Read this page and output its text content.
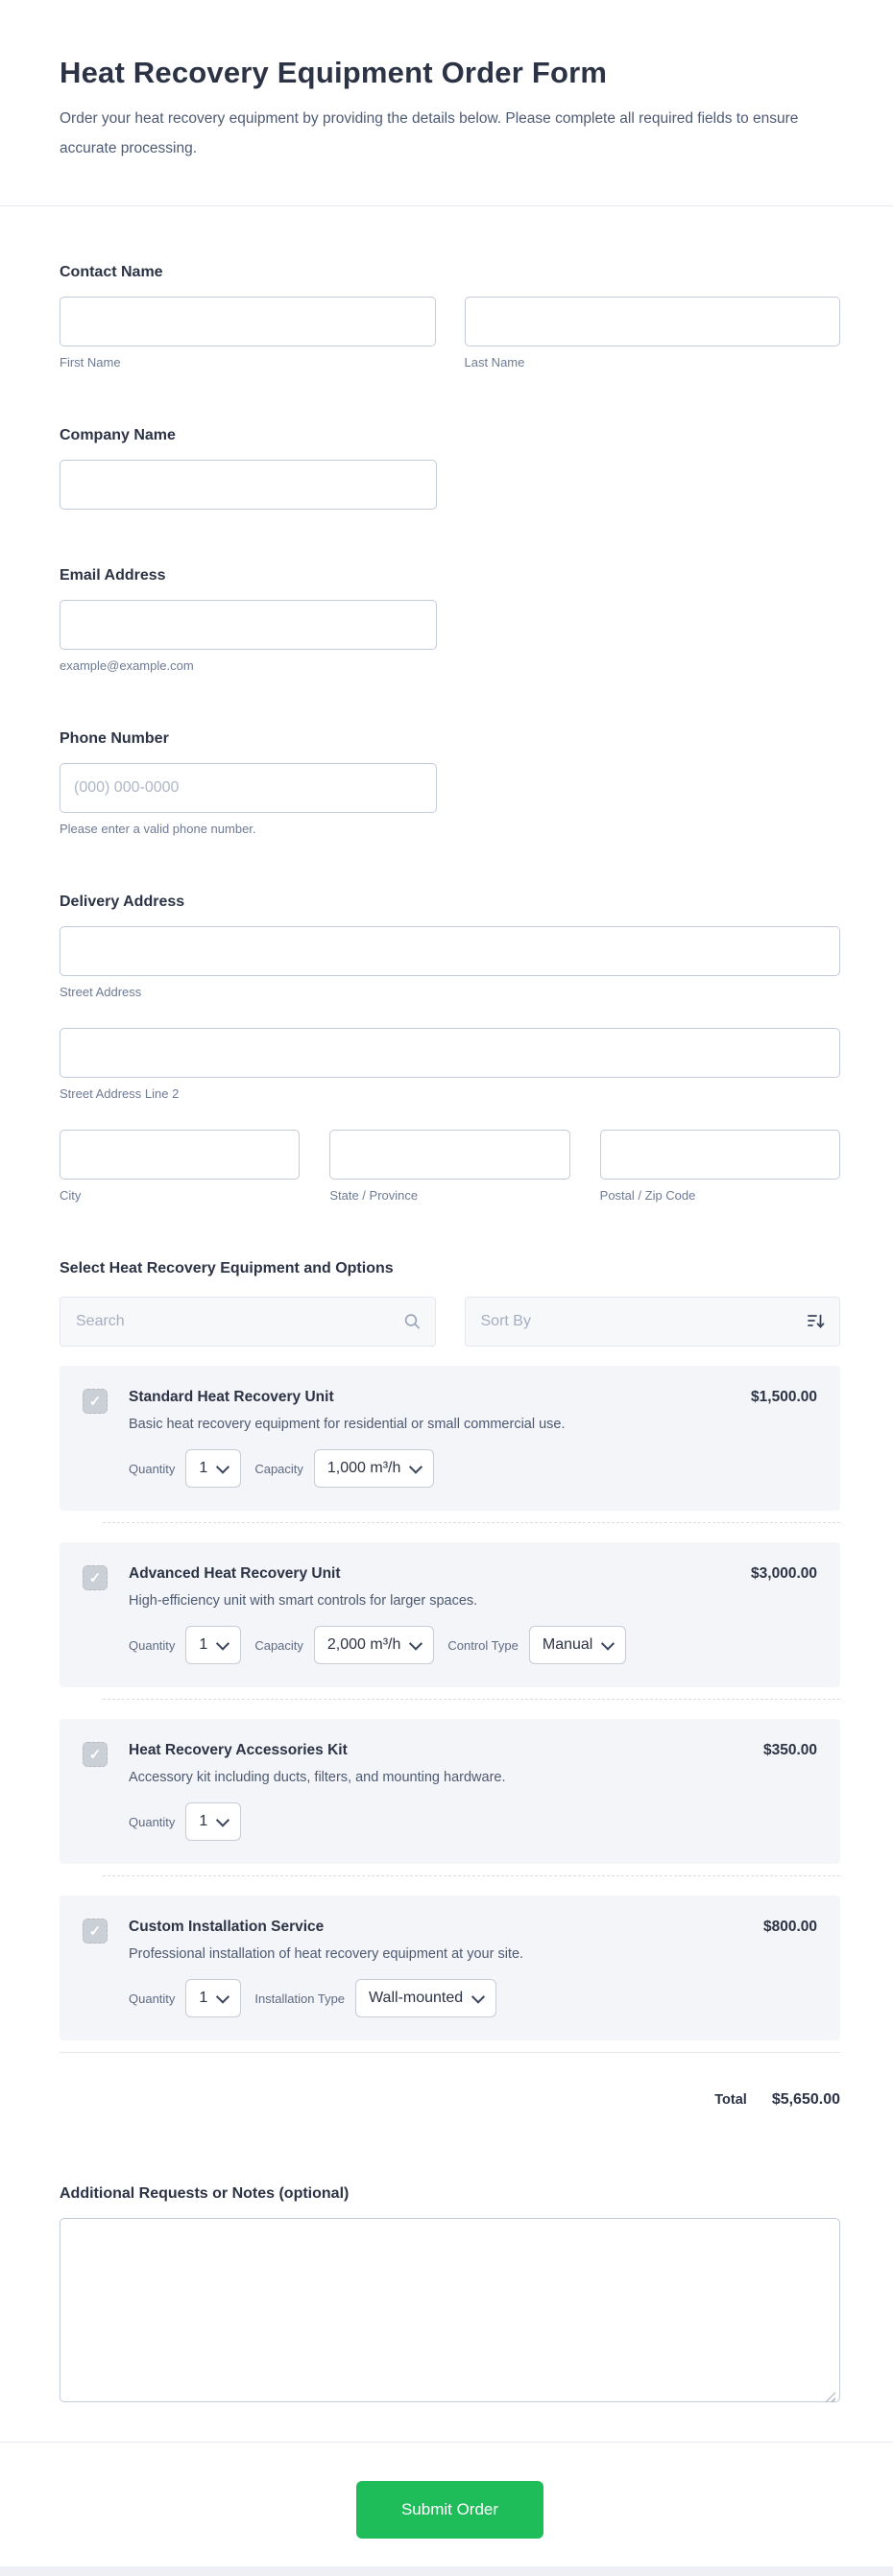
Heat Recovery Equipment Order Form
Order your heat recovery equipment by providing the details below. Please complete all required fields to ensure accurate processing.
Contact Name
First Name	Last Name
Company Name
Email Address
example@example.com
Phone Number
(000) 000-0000
Please enter a valid phone number.
Delivery Address
Street Address
Street Address Line 2
City	State / Province	Postal / Zip Code
Select Heat Recovery Equipment and Options
Search
Sort By
✓	Standard Heat Recovery Unit	$1,500.00
Basic heat recovery equipment for residential or small commercial use.
Quantity 1	Capacity 1,000 m³/h
✓	Advanced Heat Recovery Unit	$3,000.00
High-efficiency unit with smart controls for larger spaces.
Quantity 1	Capacity 2,000 m³/h	Control Type Manual
✓	Heat Recovery Accessories Kit	$350.00
Accessory kit including ducts, filters, and mounting hardware.
Quantity 1
✓	Custom Installation Service	$800.00
Professional installation of heat recovery equipment at your site.
Quantity 1	Installation Type Wall-mounted
Total $5,650.00
Additional Requests or Notes (optional)
Submit Order
